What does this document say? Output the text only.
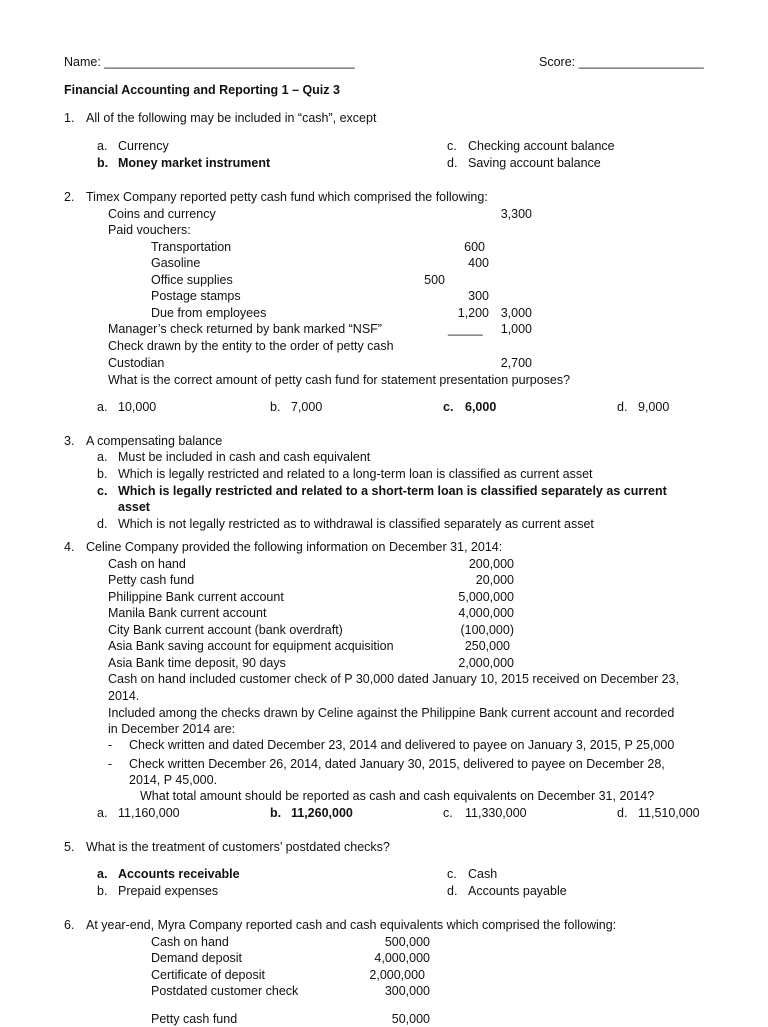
Name: ____________________________________	Score: __________________
Financial Accounting and Reporting 1 – Quiz 3
1. All of the following may be included in “cash”, except
a. Currency
b. Money market instrument
c. Checking account balance
d. Saving account balance
2. Timex Company reported petty cash fund which comprised the following:
Coins and currency	3,300
Paid vouchers:
Transportation	600
Gasoline	400
Office supplies	500
Postage stamps	300
Due from employees	1,200 3,000
Manager’s check returned by bank marked “NSF”	_____	1,000
Check drawn by the entity to the order of petty cash
Custodian	2,700
What is the correct amount of petty cash fund for statement presentation purposes?
a. 10,000	b. 7,000	c. 6,000	d. 9,000
3. A compensating balance
a. Must be included in cash and cash equivalent
b. Which is legally restricted and related to a long-term loan is classified as current asset
c. Which is legally restricted and related to a short-term loan is classified separately as current
asset
d. Which is not legally restricted as to withdrawal is classified separately as current asset
4. Celine Company provided the following information on December 31, 2014:
Cash on hand	200,000
Petty cash fund	20,000
Philippine Bank current account	5,000,000
Manila Bank current account	4,000,000
City Bank current account (bank overdraft)	(100,000)
Asia Bank saving account for equipment acquisition	250,000
Asia Bank time deposit, 90 days	2,000,000
Cash on hand included customer check of P 30,000 dated January 10, 2015 received on December 23,
2014.
Included among the checks drawn by Celine against the Philippine Bank current account and recorded
in December 2014 are:
- Check written and dated December 23, 2014 and delivered to payee on January 3, 2015, P 25,000
- Check written December 26, 2014, dated January 30, 2015, delivered to payee on December 28,
2014, P 45,000.
What total amount should be reported as cash and cash equivalents on December 31, 2014?
a. 11,160,000	b. 11,260,000	c. 11,330,000	d. 11,510,000
5. What is the treatment of customers’ postdated checks?
a. Accounts receivable
b. Prepaid expenses
c. Cash
d. Accounts payable
6. At year-end, Myra Company reported cash and cash equivalents which comprised the following:
Cash on hand	500,000
Demand deposit	4,000,000
Certificate of deposit	2,000,000
Postdated customer check	300,000
Petty cash fund	50,000
